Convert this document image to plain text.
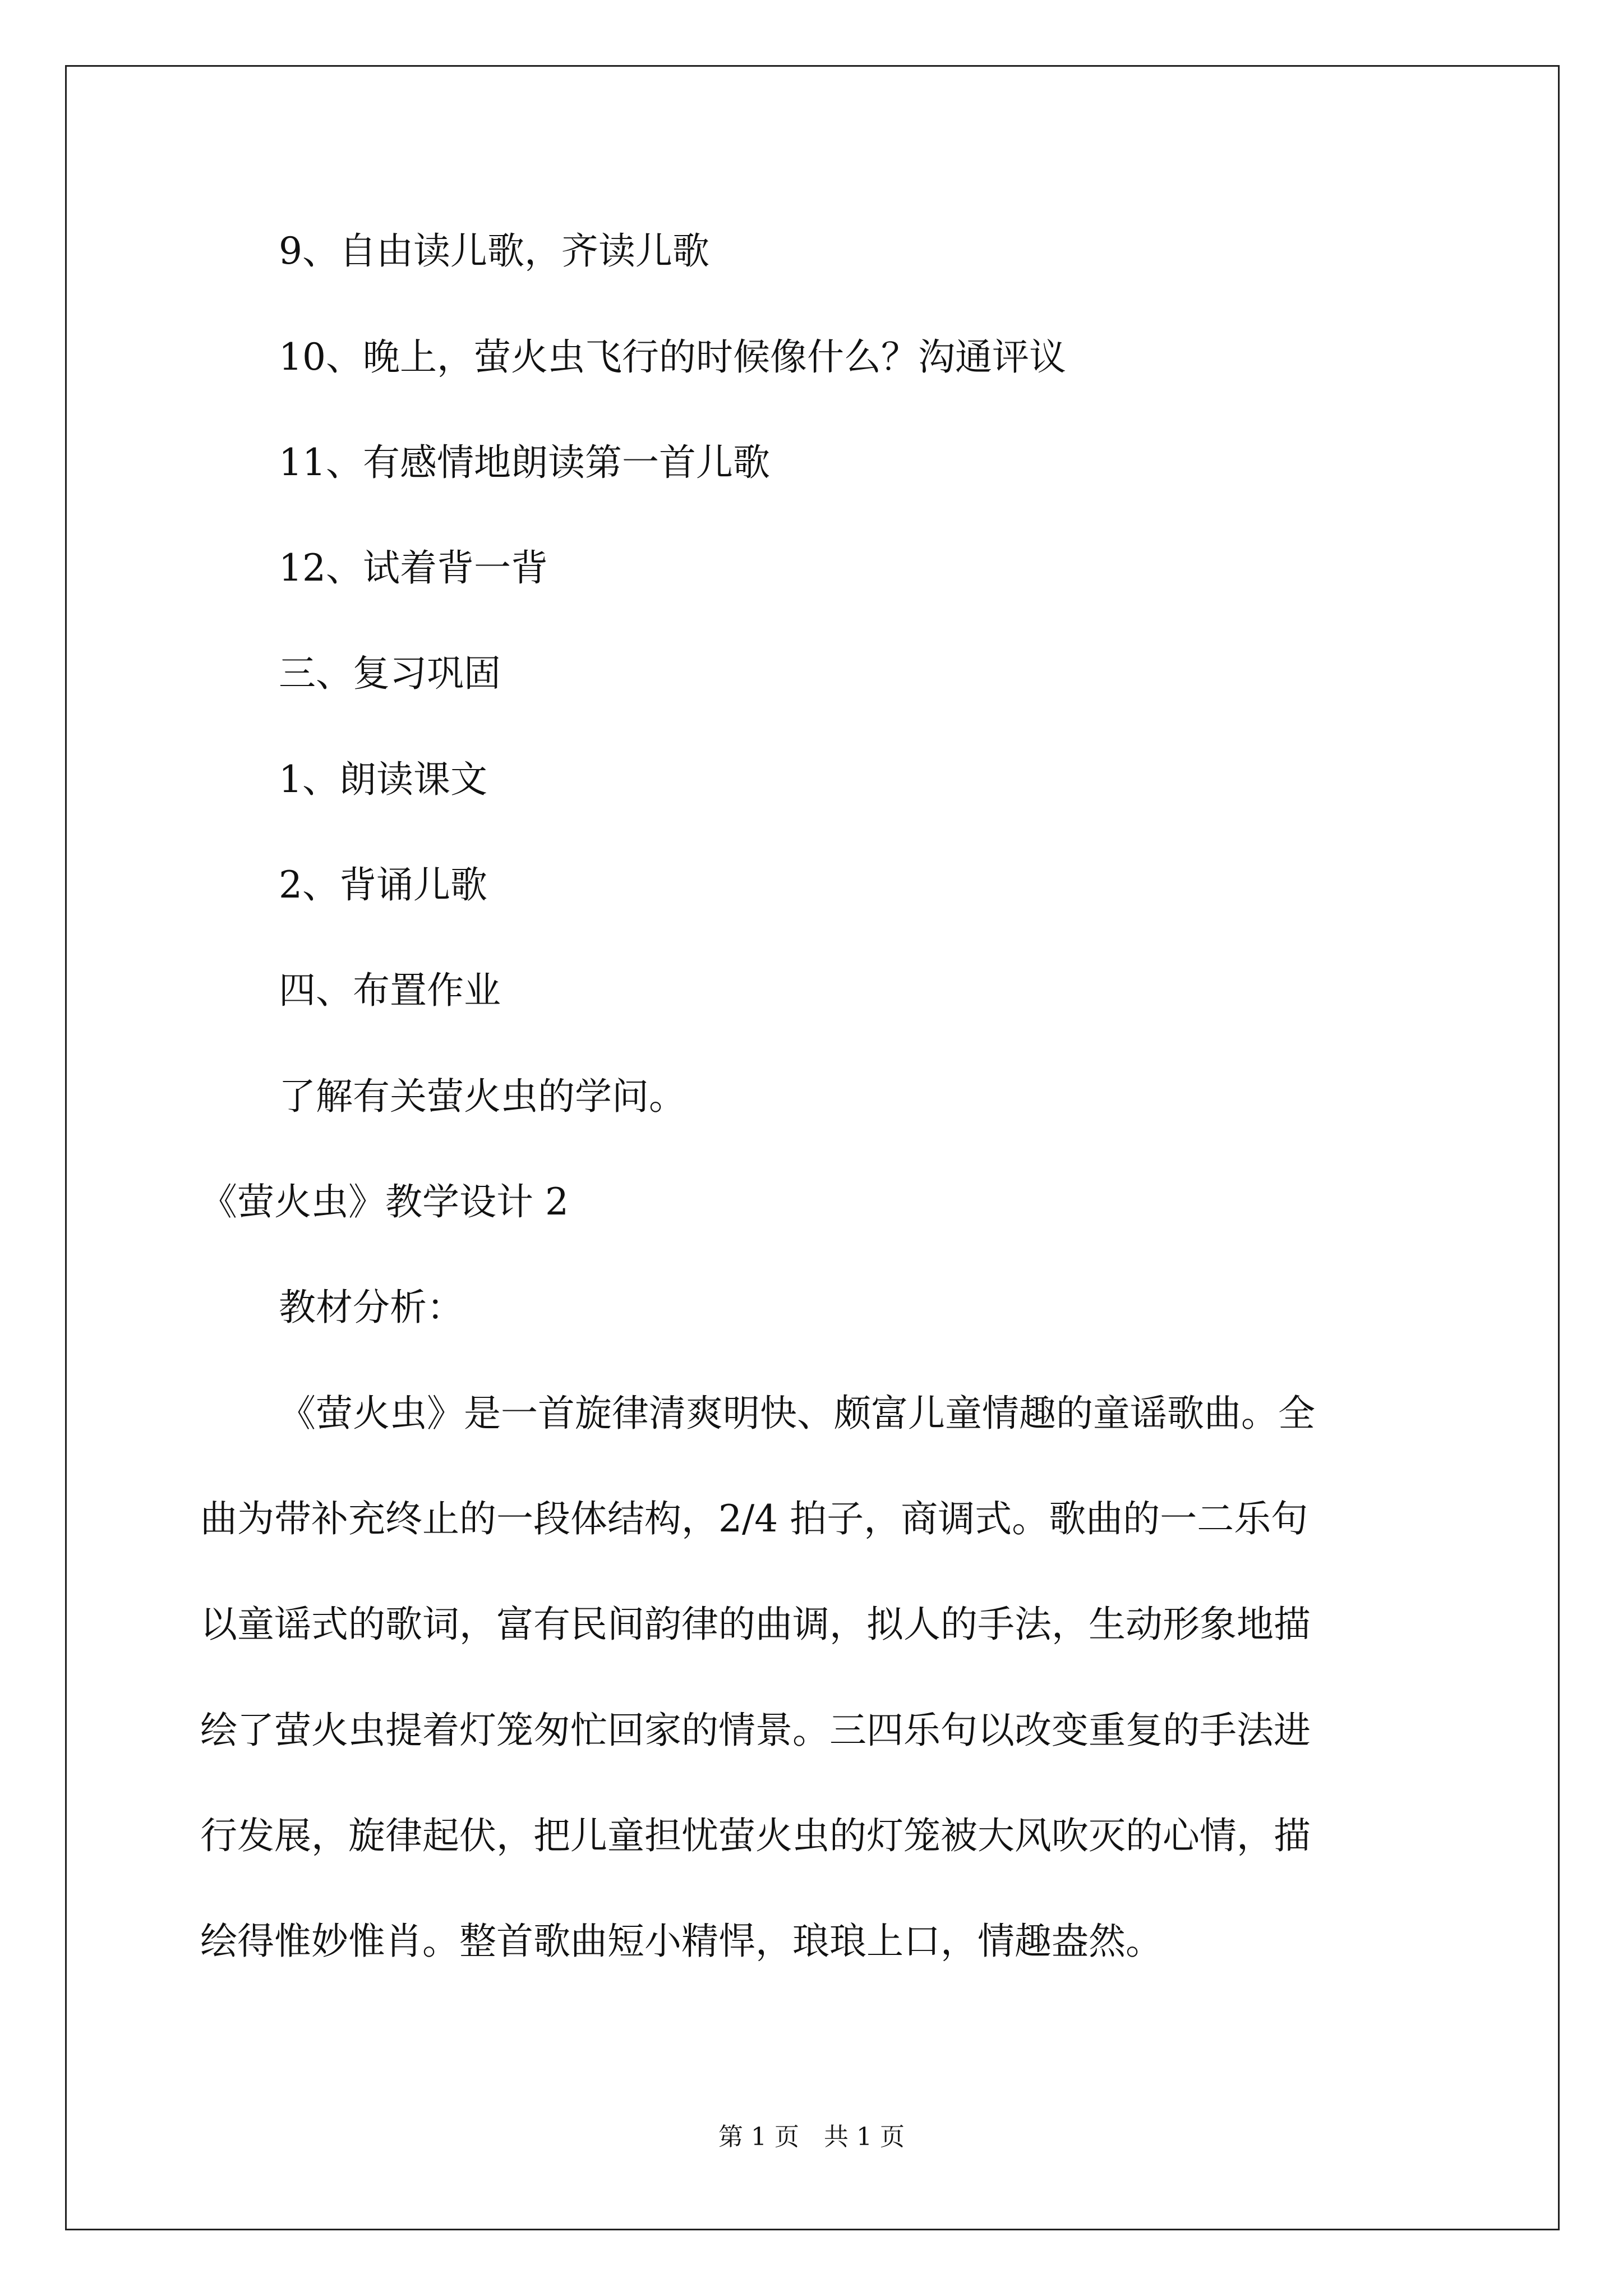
9、自由读儿歌，齐读儿歌
10、晚上，萤火虫飞行的时候像什么？沟通评议
11、有感情地朗读第一首儿歌
12、试着背一背
三、复习巩固
1、朗读课文
2、背诵儿歌
四、布置作业
了解有关萤火虫的学问。
《萤火虫》教学设计 2
教材分析：
《萤火虫》是一首旋律清爽明快、颇富儿童情趣的童谣歌曲。全
曲为带补充终止的一段体结构，2/4 拍子，商调式。歌曲的一二乐句
以童谣式的歌词，富有民间韵律的曲调，拟人的手法，生动形象地描
绘了萤火虫提着灯笼匆忙回家的情景。三四乐句以改变重复的手法进
行发展，旋律起伏，把儿童担忧萤火虫的灯笼被大风吹灭的心情，描
绘得惟妙惟肖。整首歌曲短小精悍，琅琅上口，情趣盎然。
第 1 页　共 1 页
